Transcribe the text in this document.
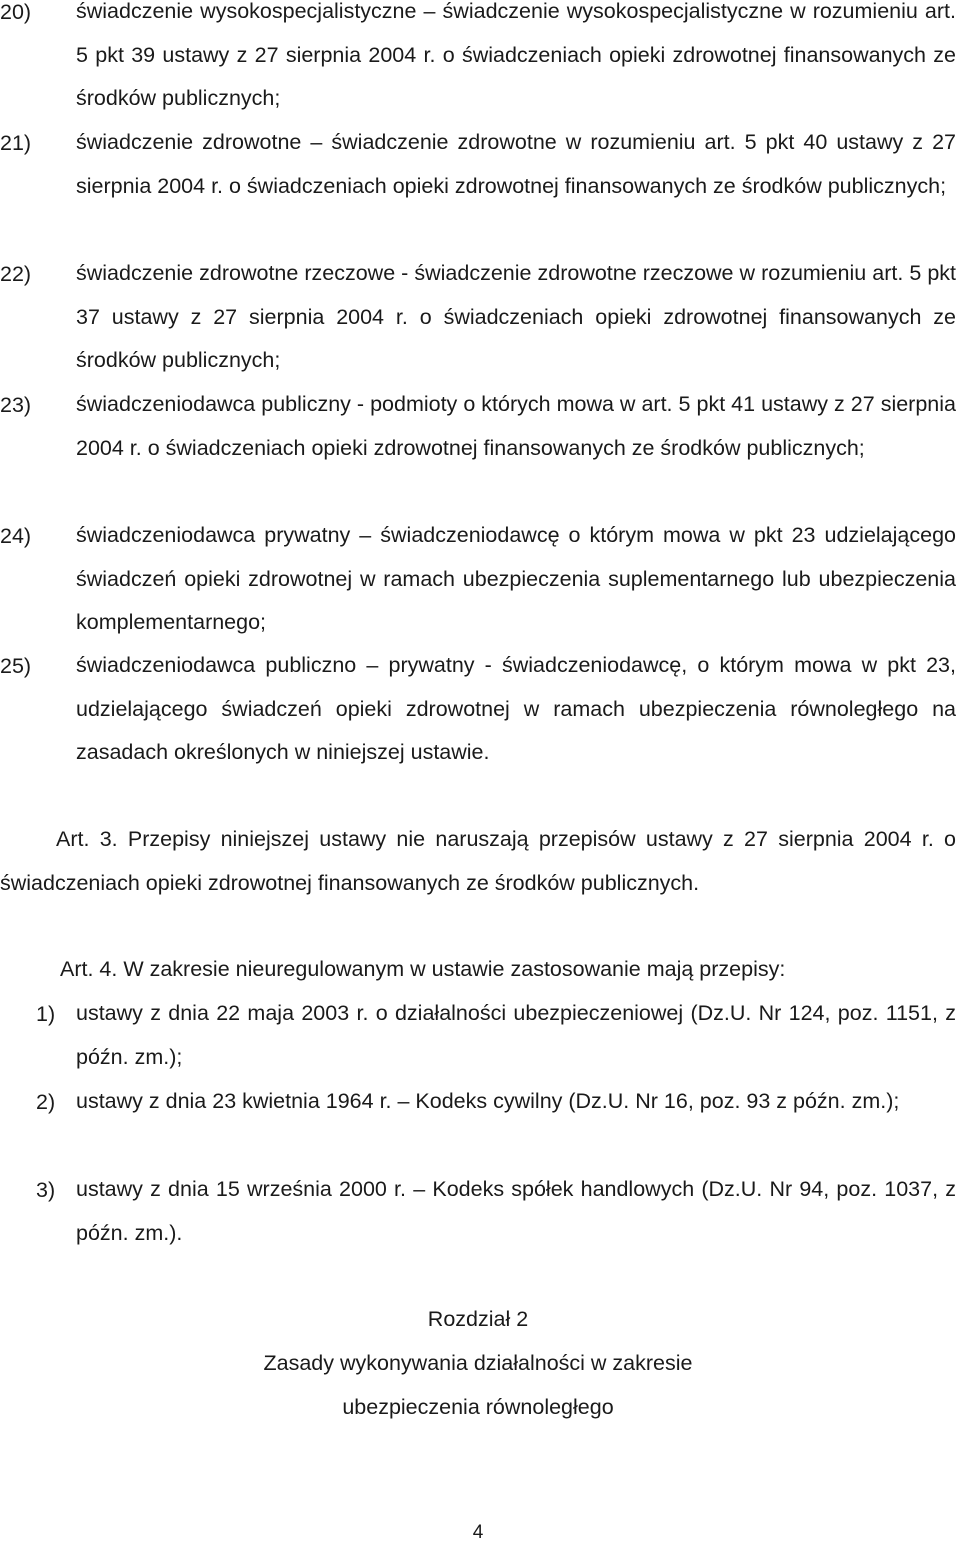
20) świadczenie wysokospecjalistyczne – świadczenie wysokospecjalistyczne w rozumieniu art. 5 pkt 39 ustawy z 27 sierpnia 2004 r. o świadczeniach opieki zdrowotnej finansowanych ze środków publicznych;
21) świadczenie zdrowotne – świadczenie zdrowotne w rozumieniu art. 5 pkt 40 ustawy z 27 sierpnia 2004 r. o świadczeniach opieki zdrowotnej finansowanych ze środków publicznych;
22) świadczenie zdrowotne rzeczowe - świadczenie zdrowotne rzeczowe w rozumieniu art. 5 pkt 37 ustawy z 27 sierpnia 2004 r. o świadczeniach opieki zdrowotnej finansowanych ze środków publicznych;
23) świadczeniodawca publiczny - podmioty o których mowa w art. 5 pkt 41 ustawy z 27 sierpnia 2004 r. o świadczeniach opieki zdrowotnej finansowanych ze środków publicznych;
24) świadczeniodawca prywatny – świadczeniodawcę o którym mowa w pkt 23 udzielającego świadczeń opieki zdrowotnej w ramach ubezpieczenia suplementarnego lub ubezpieczenia komplementarnego;
25) świadczeniodawca publiczno – prywatny - świadczeniodawcę, o którym mowa w pkt 23, udzielającego świadczeń opieki zdrowotnej w ramach ubezpieczenia równoległego na zasadach określonych w niniejszej ustawie.
Art. 3. Przepisy niniejszej ustawy nie naruszają przepisów ustawy z 27 sierpnia 2004 r. o świadczeniach opieki zdrowotnej finansowanych ze środków publicznych.
Art. 4. W zakresie nieuregulowanym w ustawie zastosowanie mają przepisy:
1) ustawy z dnia 22 maja 2003 r. o działalności ubezpieczeniowej (Dz.U. Nr 124, poz. 1151, z późn. zm.);
2) ustawy z dnia 23 kwietnia 1964 r. – Kodeks cywilny (Dz.U. Nr 16, poz. 93 z późn. zm.);
3) ustawy z dnia 15 września 2000 r. – Kodeks spółek handlowych (Dz.U. Nr 94, poz. 1037, z późn. zm.).
Rozdział 2
Zasady wykonywania działalności w zakresie
ubezpieczenia równoległego
4
